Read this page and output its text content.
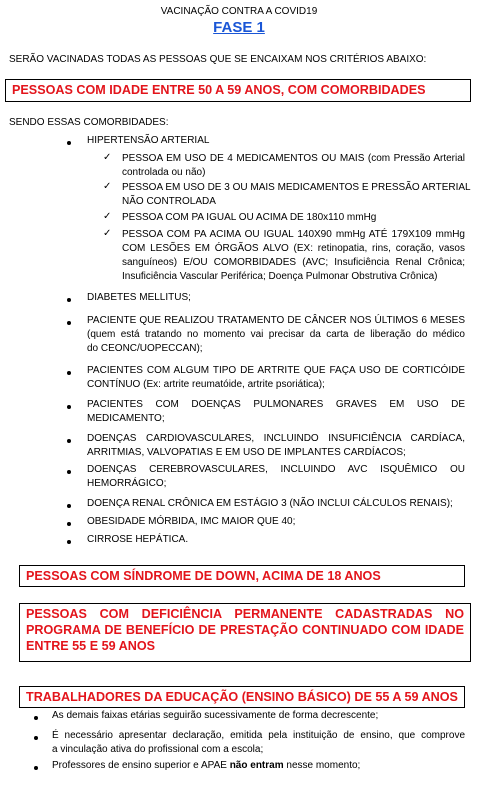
VACINAÇÃO CONTRA A COVID19
FASE 1
SERÃO VACINADAS TODAS AS PESSOAS QUE SE ENCAIXAM NOS CRITÉRIOS ABAIXO:
PESSOAS COM IDADE ENTRE 50 A 59 ANOS, COM COMORBIDADES
SENDO ESSAS COMORBIDADES:
HIPERTENSÃO ARTERIAL
✓ PESSOA EM USO DE 4 MEDICAMENTOS OU MAIS (com Pressão Arterial
controlada ou não)
✓ PESSOA EM USO DE 3 OU MAIS MEDICAMENTOS E PRESSÃO ARTERIAL
NÃO CONTROLADA
✓ PESSOA COM PA IGUAL OU ACIMA DE 180x110 mmHg
✓ PESSOA COM PA ACIMA OU IGUAL 140X90 mmHg ATÉ 179X109 mmHg
COM LESÕES EM ÓRGÃOS ALVO (EX: retinopatia, rins, coração, vasos
sanguíneos) E/OU COMORBIDADES (AVC; Insuficiência Renal Crônica;
Insuficiência Vascular Periférica; Doença Pulmonar Obstrutiva Crônica)
DIABETES MELLITUS;
PACIENTE QUE REALIZOU TRATAMENTO DE CÂNCER NOS ÚLTIMOS 6 MESES
(quem está tratando no momento vai precisar da carta de liberação do médico
do CEONC/UOPECCAN);
PACIENTES COM ALGUM TIPO DE ARTRITE QUE FAÇA USO DE CORTICÓIDE
CONTÍNUO (Ex: artrite reumatóide, artrite psoriática);
PACIENTES COM DOENÇAS PULMONARES GRAVES EM USO DE
MEDICAMENTO;
DOENÇAS CARDIOVASCULARES, INCLUINDO INSUFICIÊNCIA CARDÍACA,
ARRITMIAS, VALVOPATIAS E EM USO DE IMPLANTES CARDÍACOS;
DOENÇAS CEREBROVASCULARES, INCLUINDO AVC ISQUÊMICO OU
HEMORRÁGICO;
DOENÇA RENAL CRÔNICA EM ESTÁGIO 3 (NÃO INCLUI CÁLCULOS RENAIS);
OBESIDADE MÓRBIDA, IMC MAIOR QUE 40;
CIRROSE HEPÁTICA.
PESSOAS COM SÍNDROME DE DOWN, ACIMA DE 18 ANOS
PESSOAS COM DEFICIÊNCIA PERMANENTE CADASTRADAS NO PROGRAMA DE BENEFÍCIO DE PRESTAÇÃO CONTINUADO COM IDADE ENTRE 55 E 59 ANOS
TRABALHADORES DA EDUCAÇÃO (ENSINO BÁSICO) DE 55 A 59 ANOS
As demais faixas etárias seguirão sucessivamente de forma decrescente;
É necessário apresentar declaração, emitida pela instituição de ensino, que comprove
a vinculação ativa do profissional com a escola;
Professores de ensino superior e APAE não entram nesse momento;
